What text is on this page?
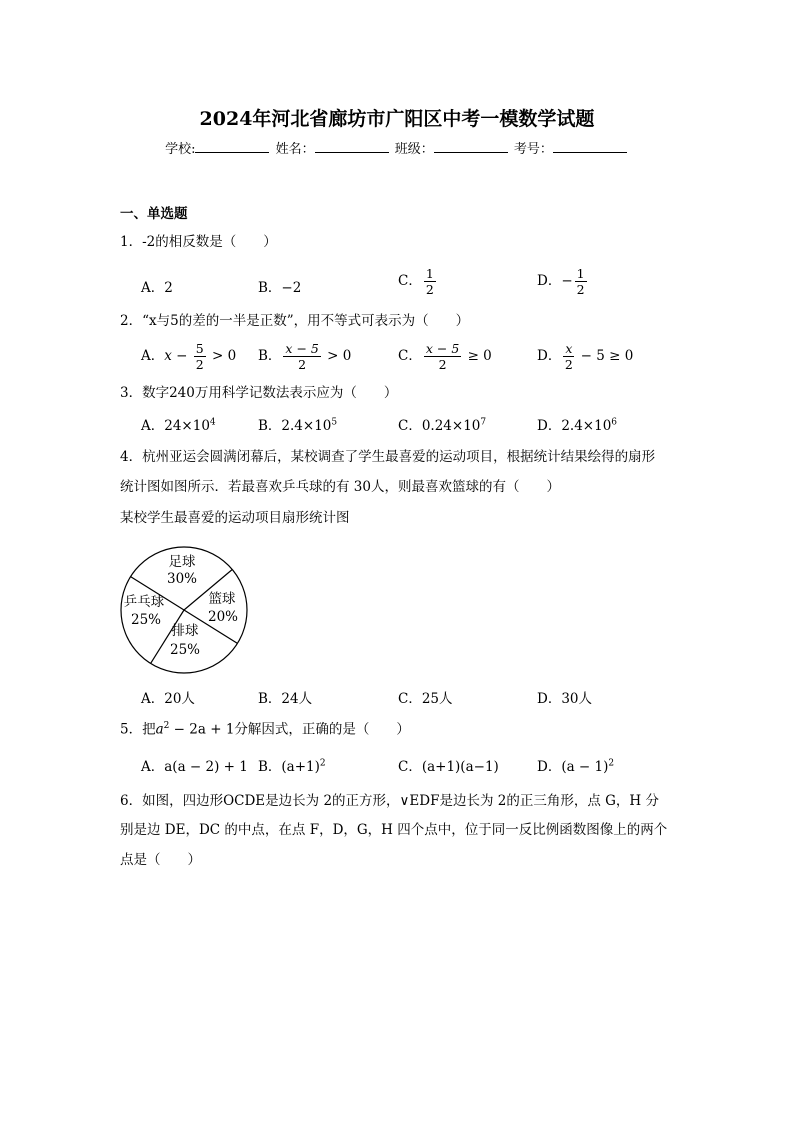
2024年河北省廊坊市广阳区中考一模数学试题
学校:	姓名：	班级：	考号：
一、单选题
1．-2的相反数是（　　）
A．2	B．−2	C． $\frac{1}{2}$	D．− $\frac{1}{2}$
2．“x与5的差的一半是正数”，用不等式可表示为（　　）
A．$x - \frac{5}{2} > 0$ B． $\frac{x - 5}{2} > 0$	C． $\frac{x - 5}{2} \ge 0$	D． $\frac{x}{2} - 5 \ge 0$
3．数字240万用科学记数法表示应为（　　）
A．$24\times 10^4$	B．$2.4\times 10^5$	C．$0.24\times 10^7$	D．$2.4\times 10^6$
4．杭州亚运会圆满闭幕后，某校调查了学生最喜爱的运动项目，根据统计结果绘得的扇形
统计图如图所示．若最喜欢乒乓球的有 30人，则最喜欢篮球的有（　　）
某校学生最喜爱的运动项目扇形统计图
足球
30%
篮球
20%
排球
25%
乒乓球
25%
A．20人	B．24人	C．25人	D．30人
5．把$a^2 - 2a + 1$分解因式，正确的是（　　）
A．a(a − 2) + 1 B．$(a+1)^2$	C．(a+1)(a−1)	D．$(a - 1)^2$
6．如图，四边形OCDE是边长为 2的正方形，∨EDF是边长为 2的正三角形，点 G，H 分
别是边 DE，DC 的中点，在点 F，D，G，H 四个点中，位于同一反比例函数图像上的两个
点是（　　）
